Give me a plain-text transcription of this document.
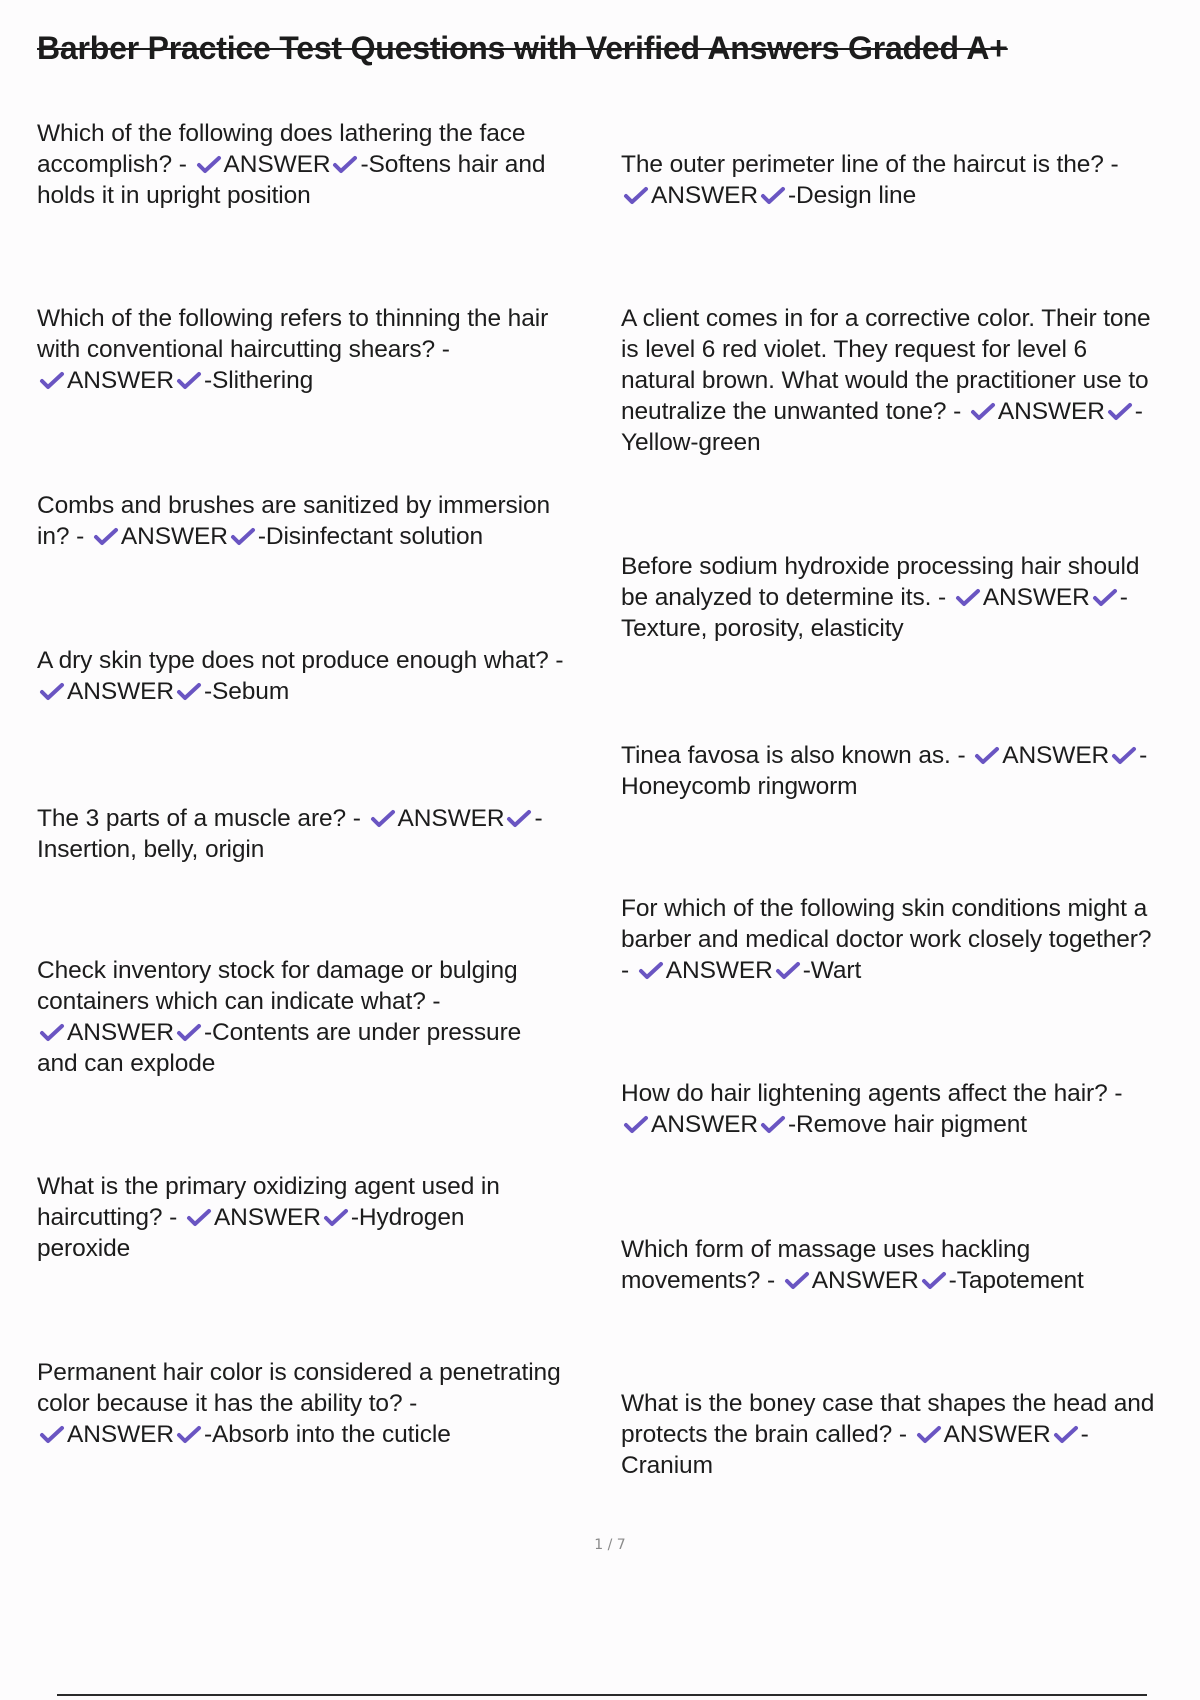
Barber Practice Test Questions with Verified Answers Graded A+
Which of the following does lathering the face
accomplish? - ANSWER -Softens hair and
holds it in upright position
Which of the following refers to thinning the hair
with conventional haircutting shears? -
ANSWER -Slithering
Combs and brushes are sanitized by immersion
in? - ANSWER -Disinfectant solution
A dry skin type does not produce enough what? -
ANSWER -Sebum
The 3 parts of a muscle are? - ANSWER -
Insertion, belly, origin
Check inventory stock for damage or bulging
containers which can indicate what? -
ANSWER -Contents are under pressure
and can explode
What is the primary oxidizing agent used in
haircutting? - ANSWER -Hydrogen
peroxide
Permanent hair color is considered a penetrating
color because it has the ability to? -
ANSWER -Absorb into the cuticle
The outer perimeter line of the haircut is the? -
ANSWER -Design line
A client comes in for a corrective color. Their tone
is level 6 red violet. They request for level 6
natural brown. What would the practitioner use to
neutralize the unwanted tone? - ANSWER -
Yellow-green
Before sodium hydroxide processing hair should
be analyzed to determine its. - ANSWER -
Texture, porosity, elasticity
Tinea favosa is also known as. - ANSWER -
Honeycomb ringworm
For which of the following skin conditions might a
barber and medical doctor work closely together?
- ANSWER -Wart
How do hair lightening agents affect the hair? -
ANSWER -Remove hair pigment
Which form of massage uses hackling
movements? - ANSWER -Tapotement
What is the boney case that shapes the head and
protects the brain called? - ANSWER -
Cranium
1 / 7
